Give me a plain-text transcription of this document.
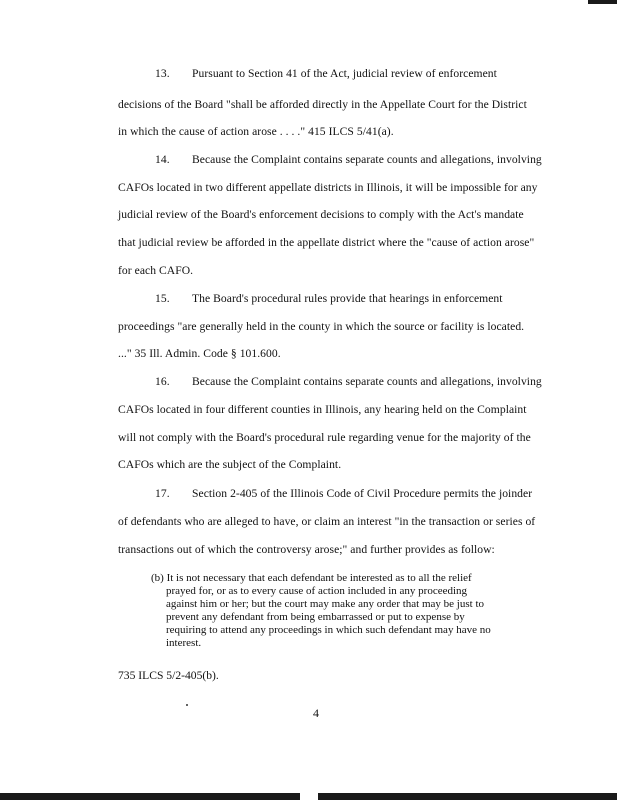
13. Pursuant to Section 41 of the Act, judicial review of enforcement
decisions of the Board "shall be afforded directly in the Appellate Court for the District
in which the cause of action arose . . . ." 415 ILCS 5/41(a).
14. Because the Complaint contains separate counts and allegations, involving
CAFOs located in two different appellate districts in Illinois, it will be impossible for any
judicial review of the Board's enforcement decisions to comply with the Act's mandate
that judicial review be afforded in the appellate district where the "cause of action arose"
for each CAFO.
15. The Board's procedural rules provide that hearings in enforcement
proceedings "are generally held in the county in which the source or facility is located.
..." 35 Ill. Admin. Code § 101.600.
16. Because the Complaint contains separate counts and allegations, involving
CAFOs located in four different counties in Illinois, any hearing held on the Complaint
will not comply with the Board's procedural rule regarding venue for the majority of the
CAFOs which are the subject of the Complaint.
17. Section 2-405 of the Illinois Code of Civil Procedure permits the joinder
of defendants who are alleged to have, or claim an interest "in the transaction or series of
transactions out of which the controversy arose;" and further provides as follow:
(b) It is not necessary that each defendant be interested as to all the relief
prayed for, or as to every cause of action included in any proceeding
against him or her; but the court may make any order that may be just to
prevent any defendant from being embarrassed or put to expense by
requiring to attend any proceedings in which such defendant may have no
interest.
735 ILCS 5/2-405(b).
4
